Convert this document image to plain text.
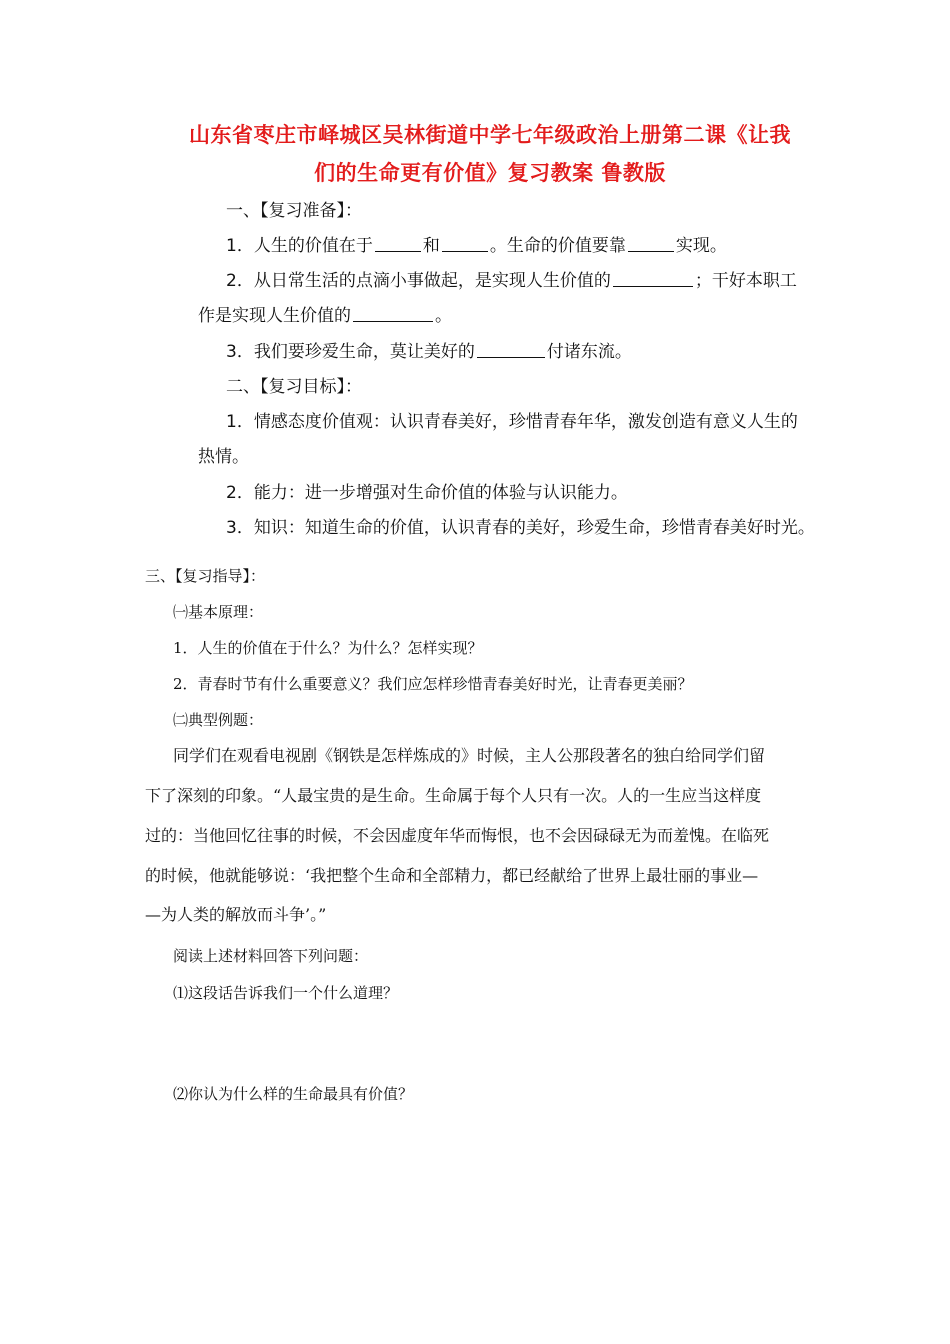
山东省枣庄市峄城区吴林街道中学七年级政治上册第二课《让我
们的生命更有价值》复习教案 鲁教版
一、【复习准备】：
1．人生的价值在于	和	。生命的价值要靠	实现。
2．从日常生活的点滴小事做起，是实现人生价值的	；干好本职工
作是实现人生价值的	。
3．我们要珍爱生命，莫让美好的	付诸东流。
二、【复习目标】：
1．情感态度价值观：认识青春美好，珍惜青春年华，激发创造有意义人生的
热情。
2．能力：进一步增强对生命价值的体验与认识能力。
3．知识：知道生命的价值，认识青春的美好，珍爱生命，珍惜青春美好时光。
三、【复习指导】：
㈠基本原理：
1．人生的价值在于什么？为什么？怎样实现？
2．青春时节有什么重要意义？我们应怎样珍惜青春美好时光，让青春更美丽？
㈡典型例题：
同学们在观看电视剧《钢铁是怎样炼成的》时候，主人公那段著名的独白给同学们留
下了深刻的印象。“人最宝贵的是生命。生命属于每个人只有一次。人的一生应当这样度
过的：当他回忆往事的时候，不会因虚度年华而悔恨，也不会因碌碌无为而羞愧。在临死
的时候，他就能够说：‘我把整个生命和全部精力，都已经献给了世界上最壮丽的事业—
—为人类的解放而斗争’。”
阅读上述材料回答下列问题：
⑴这段话告诉我们一个什么道理？
⑵你认为什么样的生命最具有价值？
